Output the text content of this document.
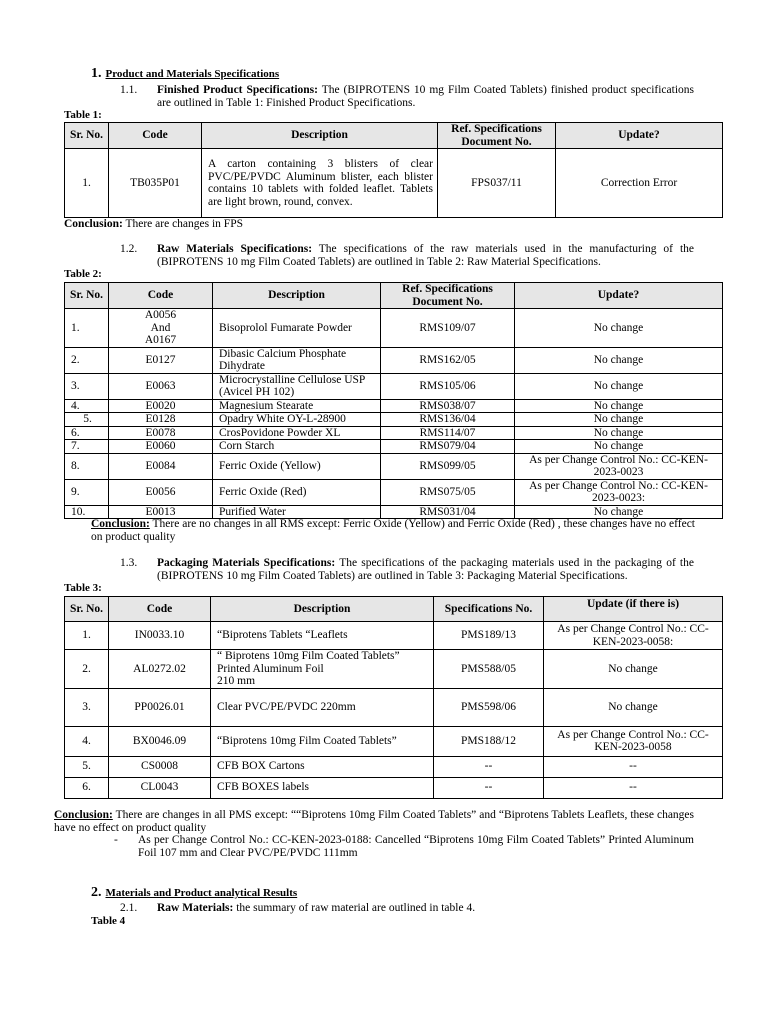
1. Product and Materials Specifications
1.1. Finished Product Specifications: The (BIPROTENS 10 mg Film Coated Tablets) finished product specifications are outlined in Table 1: Finished Product Specifications.
Table 1:
Sr. No.	Code	Description	Ref. Specifications Document No.	Update?
1.	TB035P01	A carton containing 3 blisters of clear PVC/PE/PVDC Aluminum blister, each blister contains 10 tablets with folded leaflet. Tablets are light brown, round, convex.	FPS037/11	Correction Error
Conclusion: There are changes in FPS
1.2. Raw Materials Specifications: The specifications of the raw materials used in the manufacturing of the (BIPROTENS 10 mg Film Coated Tablets) are outlined in Table 2: Raw Material Specifications.
Table 2:
Sr. No.	Code	Description	Ref. Specifications Document No.	Update?
1.	A0056
And
A0167	Bisoprolol Fumarate Powder	RMS109/07	No change
2.	E0127	Dibasic Calcium Phosphate Dihydrate	RMS162/05	No change
3.	E0063	Microcrystalline Cellulose USP (Avicel PH 102)	RMS105/06	No change
4.	E0020	Magnesium Stearate	RMS038/07	No change
5.	E0128	Opadry White OY-L-28900	RMS136/04	No change
6.	E0078	CrosPovidone Powder XL	RMS114/07	No change
7.	E0060	Corn Starch	RMS079/04	No change
8.	E0084	Ferric Oxide (Yellow)	RMS099/05	As per Change Control No.: CC-KEN-2023-0023
9.	E0056	Ferric Oxide (Red)	RMS075/05	As per Change Control No.: CC-KEN-2023-0023:
10.	E0013	Purified Water	RMS031/04	No change
Conclusion: There are no changes in all RMS except: Ferric Oxide (Yellow) and Ferric Oxide (Red) , these changes have no effect on product quality
1.3. Packaging Materials Specifications: The specifications of the packaging materials used in the packaging of the (BIPROTENS 10 mg Film Coated Tablets) are outlined in Table 3: Packaging Material Specifications.
Table 3:
Sr. No.	Code	Description	Specifications No.	Update (if there is)
1.	IN0033.10	“Biprotens Tablets “Leaflets	PMS189/13	As per Change Control No.: CC-KEN-2023-0058:
2.	AL0272.02	“ Biprotens 10mg Film Coated Tablets”
Printed Aluminum Foil
210 mm	PMS588/05	No change
3.	PP0026.01	Clear PVC/PE/PVDC 220mm	PMS598/06	No change
4.	BX0046.09	“Biprotens 10mg Film Coated Tablets”	PMS188/12	As per Change Control No.: CC-KEN-2023-0058
5.	CS0008	CFB BOX Cartons	--	--
6.	CL0043	CFB BOXES labels	--	--
Conclusion: There are changes in all PMS except: ““Biprotens 10mg Film Coated Tablets” and “Biprotens Tablets Leaflets, these changes have no effect on product quality
- As per Change Control No.: CC-KEN-2023-0188: Cancelled “Biprotens 10mg Film Coated Tablets” Printed Aluminum Foil 107 mm and Clear PVC/PE/PVDC 111mm
2. Materials and Product analytical Results
2.1. Raw Materials: the summary of raw material are outlined in table 4.
Table 4
